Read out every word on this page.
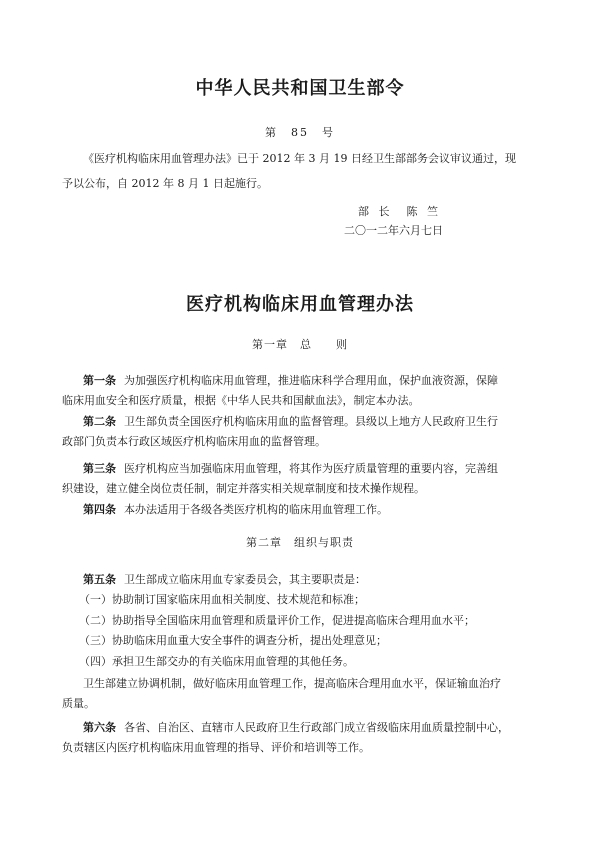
中华人民共和国卫生部令
第　85　号
《医疗机构临床用血管理办法》已于 2012 年 3 月 19 日经卫生部部务会议审议通过，现
予以公布，自 2012 年 8 月 1 日起施行。
部 长　陈 竺
二〇一二年六月七日
医疗机构临床用血管理办法
第一章　总　　则
第一条 为加强医疗机构临床用血管理，推进临床科学合理用血，保护血液资源，保障
临床用血安全和医疗质量，根据《中华人民共和国献血法》，制定本办法。
第二条 卫生部负责全国医疗机构临床用血的监督管理。县级以上地方人民政府卫生行
政部门负责本行政区域医疗机构临床用血的监督管理。
第三条 医疗机构应当加强临床用血管理，将其作为医疗质量管理的重要内容，完善组
织建设，建立健全岗位责任制，制定并落实相关规章制度和技术操作规程。
第四条 本办法适用于各级各类医疗机构的临床用血管理工作。
第二章　组织与职责
第五条 卫生部成立临床用血专家委员会，其主要职责是：
（一）协助制订国家临床用血相关制度、技术规范和标准；
（二）协助指导全国临床用血管理和质量评价工作，促进提高临床合理用血水平；
（三）协助临床用血重大安全事件的调查分析，提出处理意见；
（四）承担卫生部交办的有关临床用血管理的其他任务。
卫生部建立协调机制，做好临床用血管理工作，提高临床合理用血水平，保证输血治疗
质量。
第六条 各省、自治区、直辖市人民政府卫生行政部门成立省级临床用血质量控制中心，
负责辖区内医疗机构临床用血管理的指导、评价和培训等工作。
